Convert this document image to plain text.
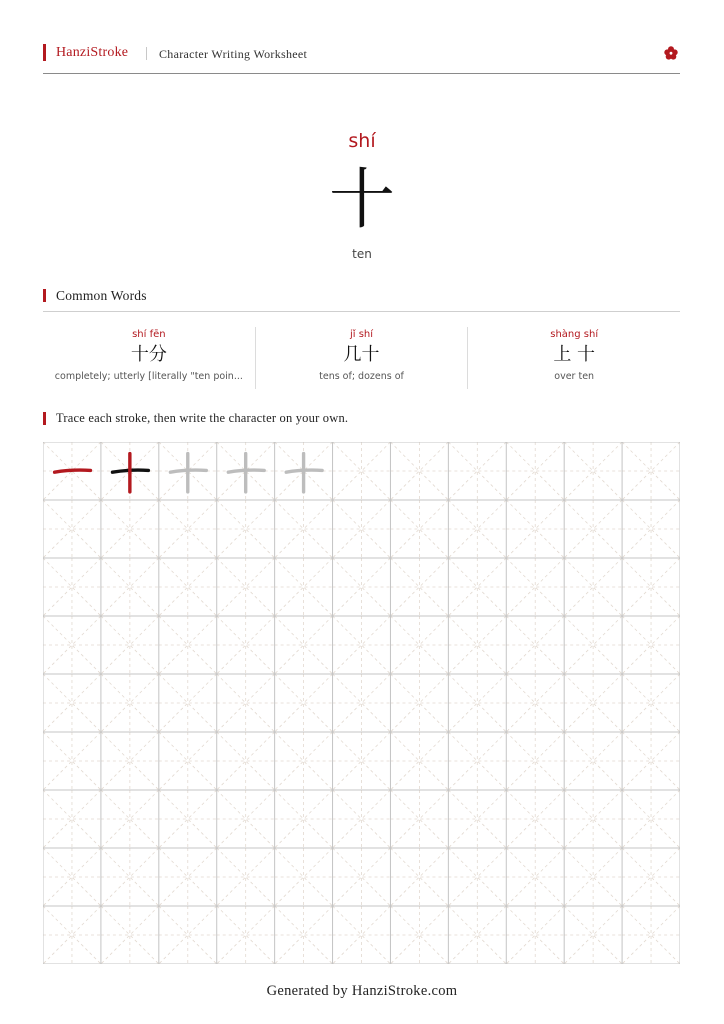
HanziStroke	Character Writing Worksheet
shí
十
ten
Common Words
shí fēn
十分
completely; utterly [literally "ten poin...
jǐ shí
几十
tens of; dozens of
shàng shí
上 十
over ten
Trace each stroke, then write the character on your own.
Generated by HanziStroke.com
